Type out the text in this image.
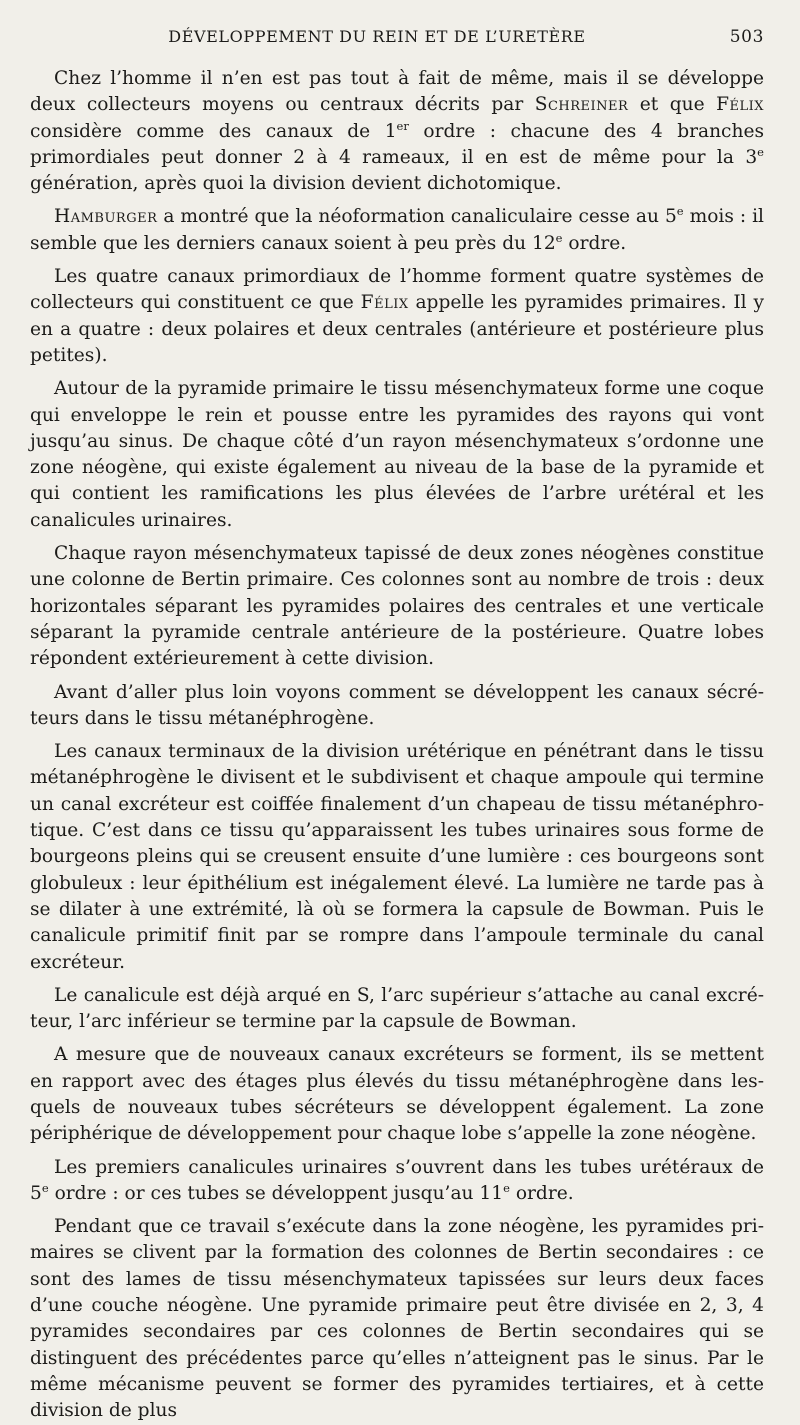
DÉVELOPPEMENT DU REIN ET DE L’URETÈRE	503

Chez l’homme il n’en est pas tout à fait de même, mais il se développe deux collecteurs moyens ou centraux décrits par Schreiner et que Félix considère comme des canaux de 1er ordre : chacune des 4 branches primordiales peut donner 2 à 4 rameaux, il en est de même pour la 3e génération, après quoi la division devient dichotomique.

Hamburger a montré que la néoformation canaliculaire cesse au 5e mois : il semble que les derniers canaux soient à peu près du 12e ordre.

Les quatre canaux primordiaux de l’homme forment quatre systèmes de collecteurs qui constituent ce que Félix appelle les pyramides primaires. Il y en a quatre : deux polaires et deux centrales (antérieure et postérieure plus petites).

Autour de la pyramide primaire le tissu mésenchymateux forme une coque qui enveloppe le rein et pousse entre les pyramides des rayons qui vont jusqu’au sinus. De chaque côté d’un rayon mésenchymateux s’ordonne une zone néogène, qui existe également au niveau de la base de la pyramide et qui contient les ramifications les plus élevées de l’arbre urétéral et les canalicules urinaires.

Chaque rayon mésenchymateux tapissé de deux zones néogènes constitue une colonne de Bertin primaire. Ces colonnes sont au nombre de trois : deux horizontales séparant les pyramides polaires des centrales et une verticale séparant la pyramide centrale antérieure de la postérieure. Quatre lobes répondent extérieurement à cette division.

Avant d’aller plus loin voyons comment se développent les canaux sécréteurs dans le tissu métanéphrogène.

Les canaux terminaux de la division urétérique en pénétrant dans le tissu métanéphrogène le divisent et le subdivisent et chaque ampoule qui termine un canal excréteur est coiffée finalement d’un chapeau de tissu métanéphrotique. C’est dans ce tissu qu’apparaissent les tubes urinaires sous forme de bourgeons pleins qui se creusent ensuite d’une lumière : ces bourgeons sont globuleux : leur épithélium est inégalement élevé. La lumière ne tarde pas à se dilater à une extrémité, là où se formera la capsule de Bowman. Puis le canalicule primitif finit par se rompre dans l’ampoule terminale du canal excréteur.

Le canalicule est déjà arqué en S, l’arc supérieur s’attache au canal excréteur, l’arc inférieur se termine par la capsule de Bowman.

A mesure que de nouveaux canaux excréteurs se forment, ils se mettent en rapport avec des étages plus élevés du tissu métanéphrogène dans lesquels de nouveaux tubes sécréteurs se développent également. La zone périphérique de développement pour chaque lobe s’appelle la zone néogène.

Les premiers canalicules urinaires s’ouvrent dans les tubes urétéraux de 5e ordre : or ces tubes se développent jusqu’au 11e ordre.

Pendant que ce travail s’exécute dans la zone néogène, les pyramides primaires se clivent par la formation des colonnes de Bertin secondaires : ce sont des lames de tissu mésenchymateux tapissées sur leurs deux faces d’une couche néogène. Une pyramide primaire peut être divisée en 2, 3, 4 pyramides secondaires par ces colonnes de Bertin secondaires qui se distinguent des précédentes parce qu’elles n’atteignent pas le sinus. Par le même mécanisme peuvent se former des pyramides tertiaires, et à cette division de plus
